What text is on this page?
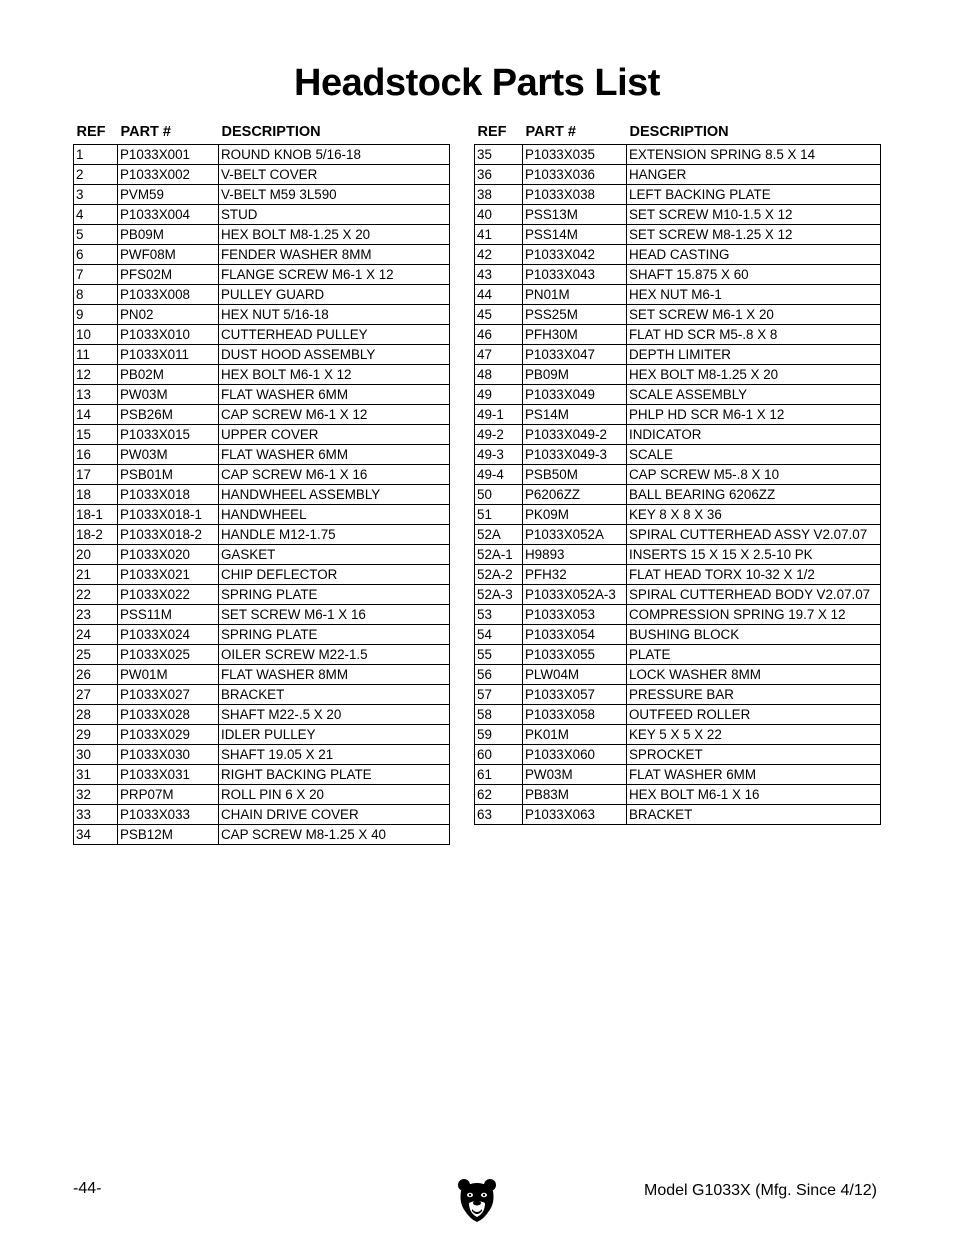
Headstock Parts List
REF	PART #	DESCRIPTION
1	P1033X001	ROUND KNOB 5/16-18
2	P1033X002	V-BELT COVER
3	PVM59	V-BELT M59 3L590
4	P1033X004	STUD
5	PB09M	HEX BOLT M8-1.25 X 20
6	PWF08M	FENDER WASHER 8MM
7	PFS02M	FLANGE SCREW M6-1 X 12
8	P1033X008	PULLEY GUARD
9	PN02	HEX NUT 5/16-18
10	P1033X010	CUTTERHEAD PULLEY
11	P1033X011	DUST HOOD ASSEMBLY
12	PB02M	HEX BOLT M6-1 X 12
13	PW03M	FLAT WASHER 6MM
14	PSB26M	CAP SCREW M6-1 X 12
15	P1033X015	UPPER COVER
16	PW03M	FLAT WASHER 6MM
17	PSB01M	CAP SCREW M6-1 X 16
18	P1033X018	HANDWHEEL ASSEMBLY
18-1	P1033X018-1	HANDWHEEL
18-2	P1033X018-2	HANDLE M12-1.75
20	P1033X020	GASKET
21	P1033X021	CHIP DEFLECTOR
22	P1033X022	SPRING PLATE
23	PSS11M	SET SCREW M6-1 X 16
24	P1033X024	SPRING PLATE
25	P1033X025	OILER SCREW M22-1.5
26	PW01M	FLAT WASHER 8MM
27	P1033X027	BRACKET
28	P1033X028	SHAFT M22-.5 X 20
29	P1033X029	IDLER PULLEY
30	P1033X030	SHAFT 19.05 X 21
31	P1033X031	RIGHT BACKING PLATE
32	PRP07M	ROLL PIN 6 X 20
33	P1033X033	CHAIN DRIVE COVER
34	PSB12M	CAP SCREW M8-1.25 X 40
REF	PART #	DESCRIPTION
35	P1033X035	EXTENSION SPRING 8.5 X 14
36	P1033X036	HANGER
38	P1033X038	LEFT BACKING PLATE
40	PSS13M	SET SCREW M10-1.5 X 12
41	PSS14M	SET SCREW M8-1.25 X 12
42	P1033X042	HEAD CASTING
43	P1033X043	SHAFT 15.875 X 60
44	PN01M	HEX NUT M6-1
45	PSS25M	SET SCREW M6-1 X 20
46	PFH30M	FLAT HD SCR M5-.8 X 8
47	P1033X047	DEPTH LIMITER
48	PB09M	HEX BOLT M8-1.25 X 20
49	P1033X049	SCALE ASSEMBLY
49-1	PS14M	PHLP HD SCR M6-1 X 12
49-2	P1033X049-2	INDICATOR
49-3	P1033X049-3	SCALE
49-4	PSB50M	CAP SCREW M5-.8 X 10
50	P6206ZZ	BALL BEARING 6206ZZ
51	PK09M	KEY 8 X 8 X 36
52A	P1033X052A	SPIRAL CUTTERHEAD ASSY V2.07.07
52A-1	H9893	INSERTS 15 X 15 X 2.5-10 PK
52A-2	PFH32	FLAT HEAD TORX 10-32 X 1/2
52A-3	P1033X052A-3	SPIRAL CUTTERHEAD BODY V2.07.07
53	P1033X053	COMPRESSION SPRING 19.7 X 12
54	P1033X054	BUSHING BLOCK
55	P1033X055	PLATE
56	PLW04M	LOCK WASHER 8MM
57	P1033X057	PRESSURE BAR
58	P1033X058	OUTFEED ROLLER
59	PK01M	KEY 5 X 5 X 22
60	P1033X060	SPROCKET
61	PW03M	FLAT WASHER 6MM
62	PB83M	HEX BOLT M6-1 X 16
63	P1033X063	BRACKET
-44-	Model G1033X (Mfg. Since 4/12)
